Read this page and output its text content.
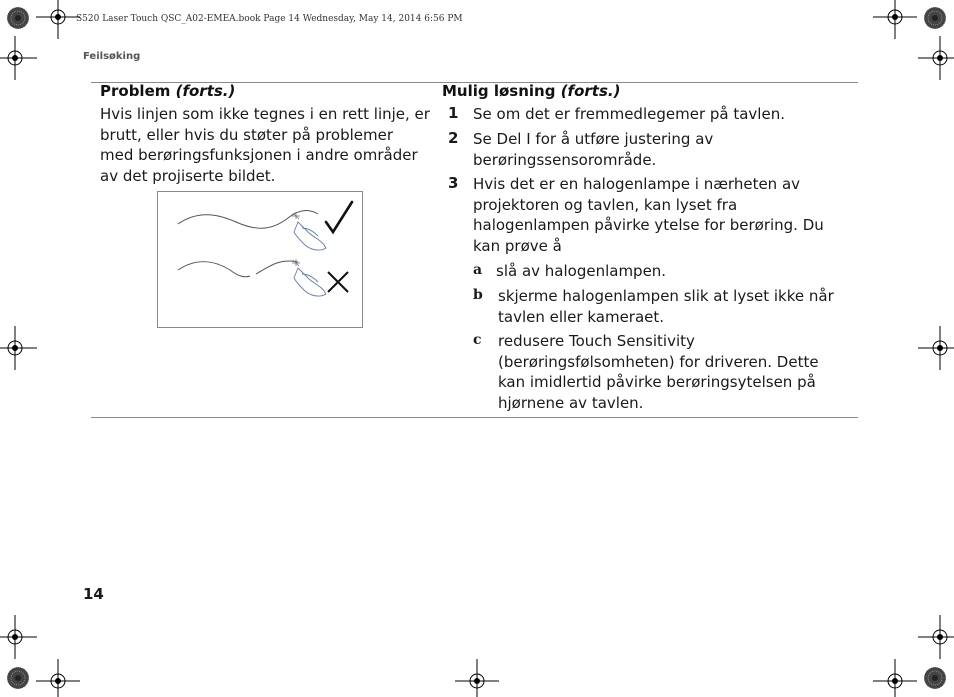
S520 Laser Touch QSC_A02-EMEA.book Page 14 Wednesday, May 14, 2014 6:56 PM
Feilsøking
Problem (forts.)	Mulig løsning (forts.)
Hvis linjen som ikke tegnes i en rett linje, er brutt, eller hvis du støter på problemer med berøringsfunksjonen i andre områder av det projiserte bildet.
1 Se om det er fremmedlegemer på tavlen.
2 Se Del I for å utføre justering av berøringssensorområde.
3 Hvis det er en halogenlampe i nærheten av projektoren og tavlen, kan lyset fra halogenlampen påvirke ytelse for berøring. Du kan prøve å
a slå av halogenlampen.
b skjerme halogenlampen slik at lyset ikke når tavlen eller kameraet.
c redusere Touch Sensitivity (berøringsfølsomheten) for driveren. Dette kan imidlertid påvirke berøringsytelsen på hjørnene av tavlen.
14
